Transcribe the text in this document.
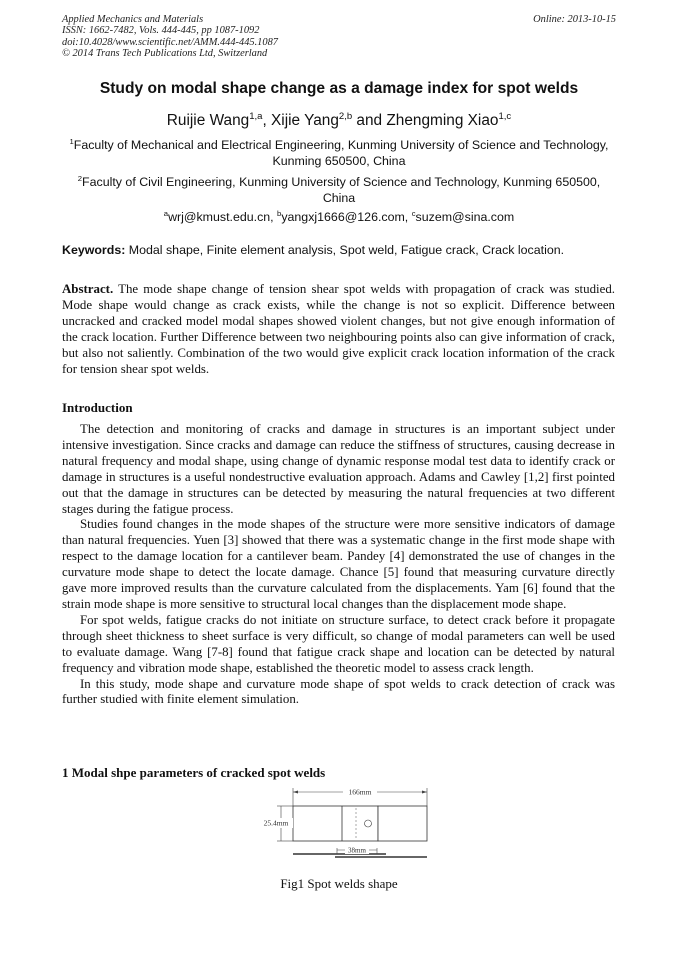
Applied Mechanics and Materials
ISSN: 1662-7482, Vols. 444-445, pp 1087-1092
doi:10.4028/www.scientific.net/AMM.444-445.1087
© 2014 Trans Tech Publications Ltd, Switzerland
Online: 2013-10-15
Study on modal shape change as a damage index for spot welds
Ruijie Wang$^{1,a}$, Xijie Yang$^{2,b}$ and Zhengming Xiao$^{1,c}$
$^1$Faculty of Mechanical and Electrical Engineering, Kunming University of Science and Technology, Kunming 650500, China
$^2$Faculty of Civil Engineering, Kunming University of Science and Technology, Kunming 650500, China
$^a$wrj@kmust.edu.cn, $^b$yangxj1666@126.com, $^c$suzem@sina.com
Keywords: Modal shape, Finite element analysis, Spot weld, Fatigue crack, Crack location.
Abstract. The mode shape change of tension shear spot welds with propagation of crack was studied. Mode shape would change as crack exists, while the change is not so explicit. Difference between uncracked and cracked model modal shapes showed violent changes, but not give enough information of the crack location. Further Difference between two neighbouring points also can give information of crack, but also not saliently. Combination of the two would give explicit crack location information of the crack for tension shear spot welds.
Introduction
The detection and monitoring of cracks and damage in structures is an important subject under intensive investigation. Since cracks and damage can reduce the stiffness of structures, causing decrease in natural frequency and modal shape, using change of dynamic response modal test data to identify crack or damage in structures is a useful nondestructive evaluation approach. Adams and Cawley [1,2] first pointed out that the damage in structures can be detected by measuring the natural frequencies at two different stages during the fatigue process.
Studies found changes in the mode shapes of the structure were more sensitive indicators of damage than natural frequencies. Yuen [3] showed that there was a systematic change in the first mode shape with respect to the damage location for a cantilever beam. Pandey [4] demonstrated the use of changes in the curvature mode shape to detect the locate damage. Chance [5] found that measuring curvature directly gave more improved results than the curvature calculated from the displacements. Yam [6] found that the strain mode shape is more sensitive to structural local changes than the displacement mode shape.
For spot welds, fatigue cracks do not initiate on structure surface, to detect crack before it propagate through sheet thickness to sheet surface is very difficult, so change of modal parameters can well be used to evaluate damage. Wang [7-8] found that fatigue crack shape and location can be detected by natural frequency and vibration mode shape, established the theoretic model to assess crack length.
In this study, mode shape and curvature mode shape of spot welds to crack detection of crack was further studied with finite element simulation.
1 Modal shpe parameters of cracked spot welds
166mm
25.4mm
38mm
Fig1 Spot welds shape
